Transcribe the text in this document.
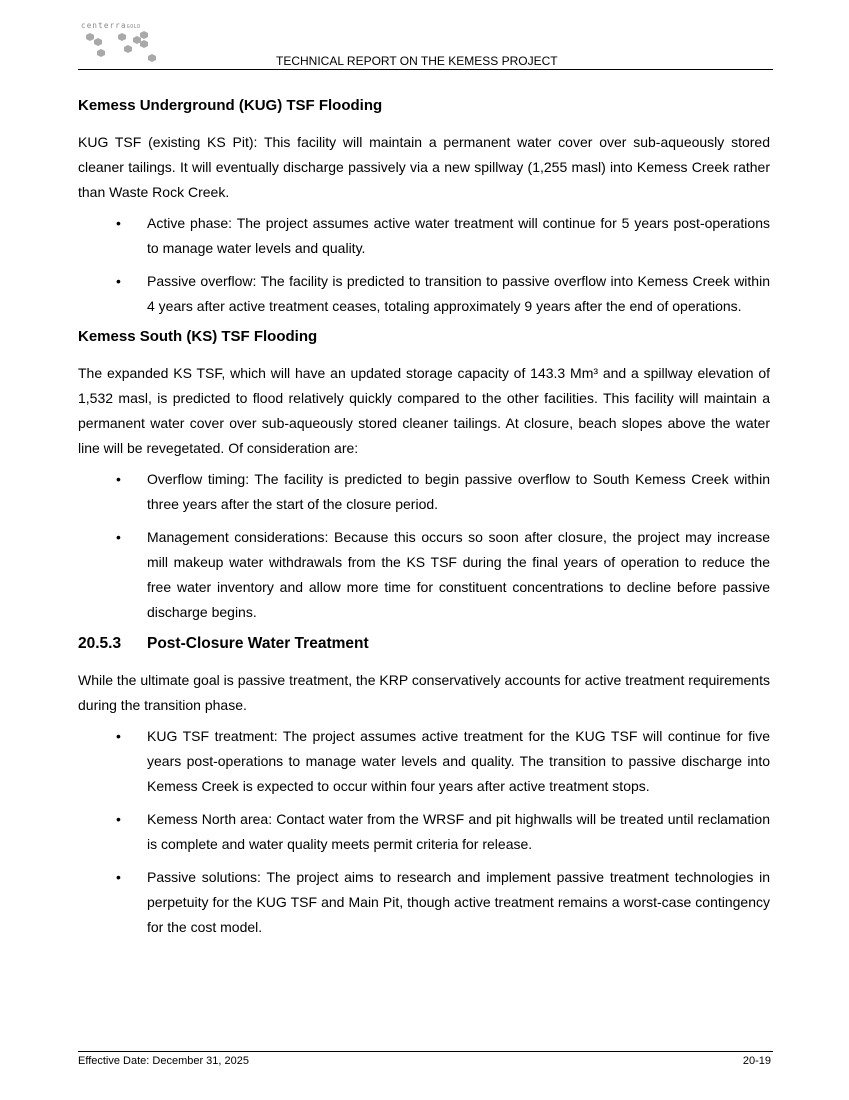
centerraGOLD
TECHNICAL REPORT ON THE KEMESS PROJECT
Kemess Underground (KUG) TSF Flooding

KUG TSF (existing KS Pit): This facility will maintain a permanent water cover over sub-aqueously stored cleaner tailings. It will eventually discharge passively via a new spillway (1,255 masl) into Kemess Creek rather than Waste Rock Creek.

• Active phase: The project assumes active water treatment will continue for 5 years post-operations to manage water levels and quality.
• Passive overflow: The facility is predicted to transition to passive overflow into Kemess Creek within 4 years after active treatment ceases, totaling approximately 9 years after the end of operations.
Kemess South (KS) TSF Flooding

The expanded KS TSF, which will have an updated storage capacity of 143.3 Mm³ and a spillway elevation of 1,532 masl, is predicted to flood relatively quickly compared to the other facilities. This facility will maintain a permanent water cover over sub-aqueously stored cleaner tailings. At closure, beach slopes above the water line will be revegetated. Of consideration are:

• Overflow timing: The facility is predicted to begin passive overflow to South Kemess Creek within three years after the start of the closure period.
• Management considerations: Because this occurs so soon after closure, the project may increase mill makeup water withdrawals from the KS TSF during the final years of operation to reduce the free water inventory and allow more time for constituent concentrations to decline before passive discharge begins.
20.5.3 Post-Closure Water Treatment

While the ultimate goal is passive treatment, the KRP conservatively accounts for active treatment requirements during the transition phase.

• KUG TSF treatment: The project assumes active treatment for the KUG TSF will continue for five years post-operations to manage water levels and quality. The transition to passive discharge into Kemess Creek is expected to occur within four years after active treatment stops.
• Kemess North area: Contact water from the WRSF and pit highwalls will be treated until reclamation is complete and water quality meets permit criteria for release.
• Passive solutions: The project aims to research and implement passive treatment technologies in perpetuity for the KUG TSF and Main Pit, though active treatment remains a worst-case contingency for the cost model.
Effective Date: December 31, 2025	20-19
